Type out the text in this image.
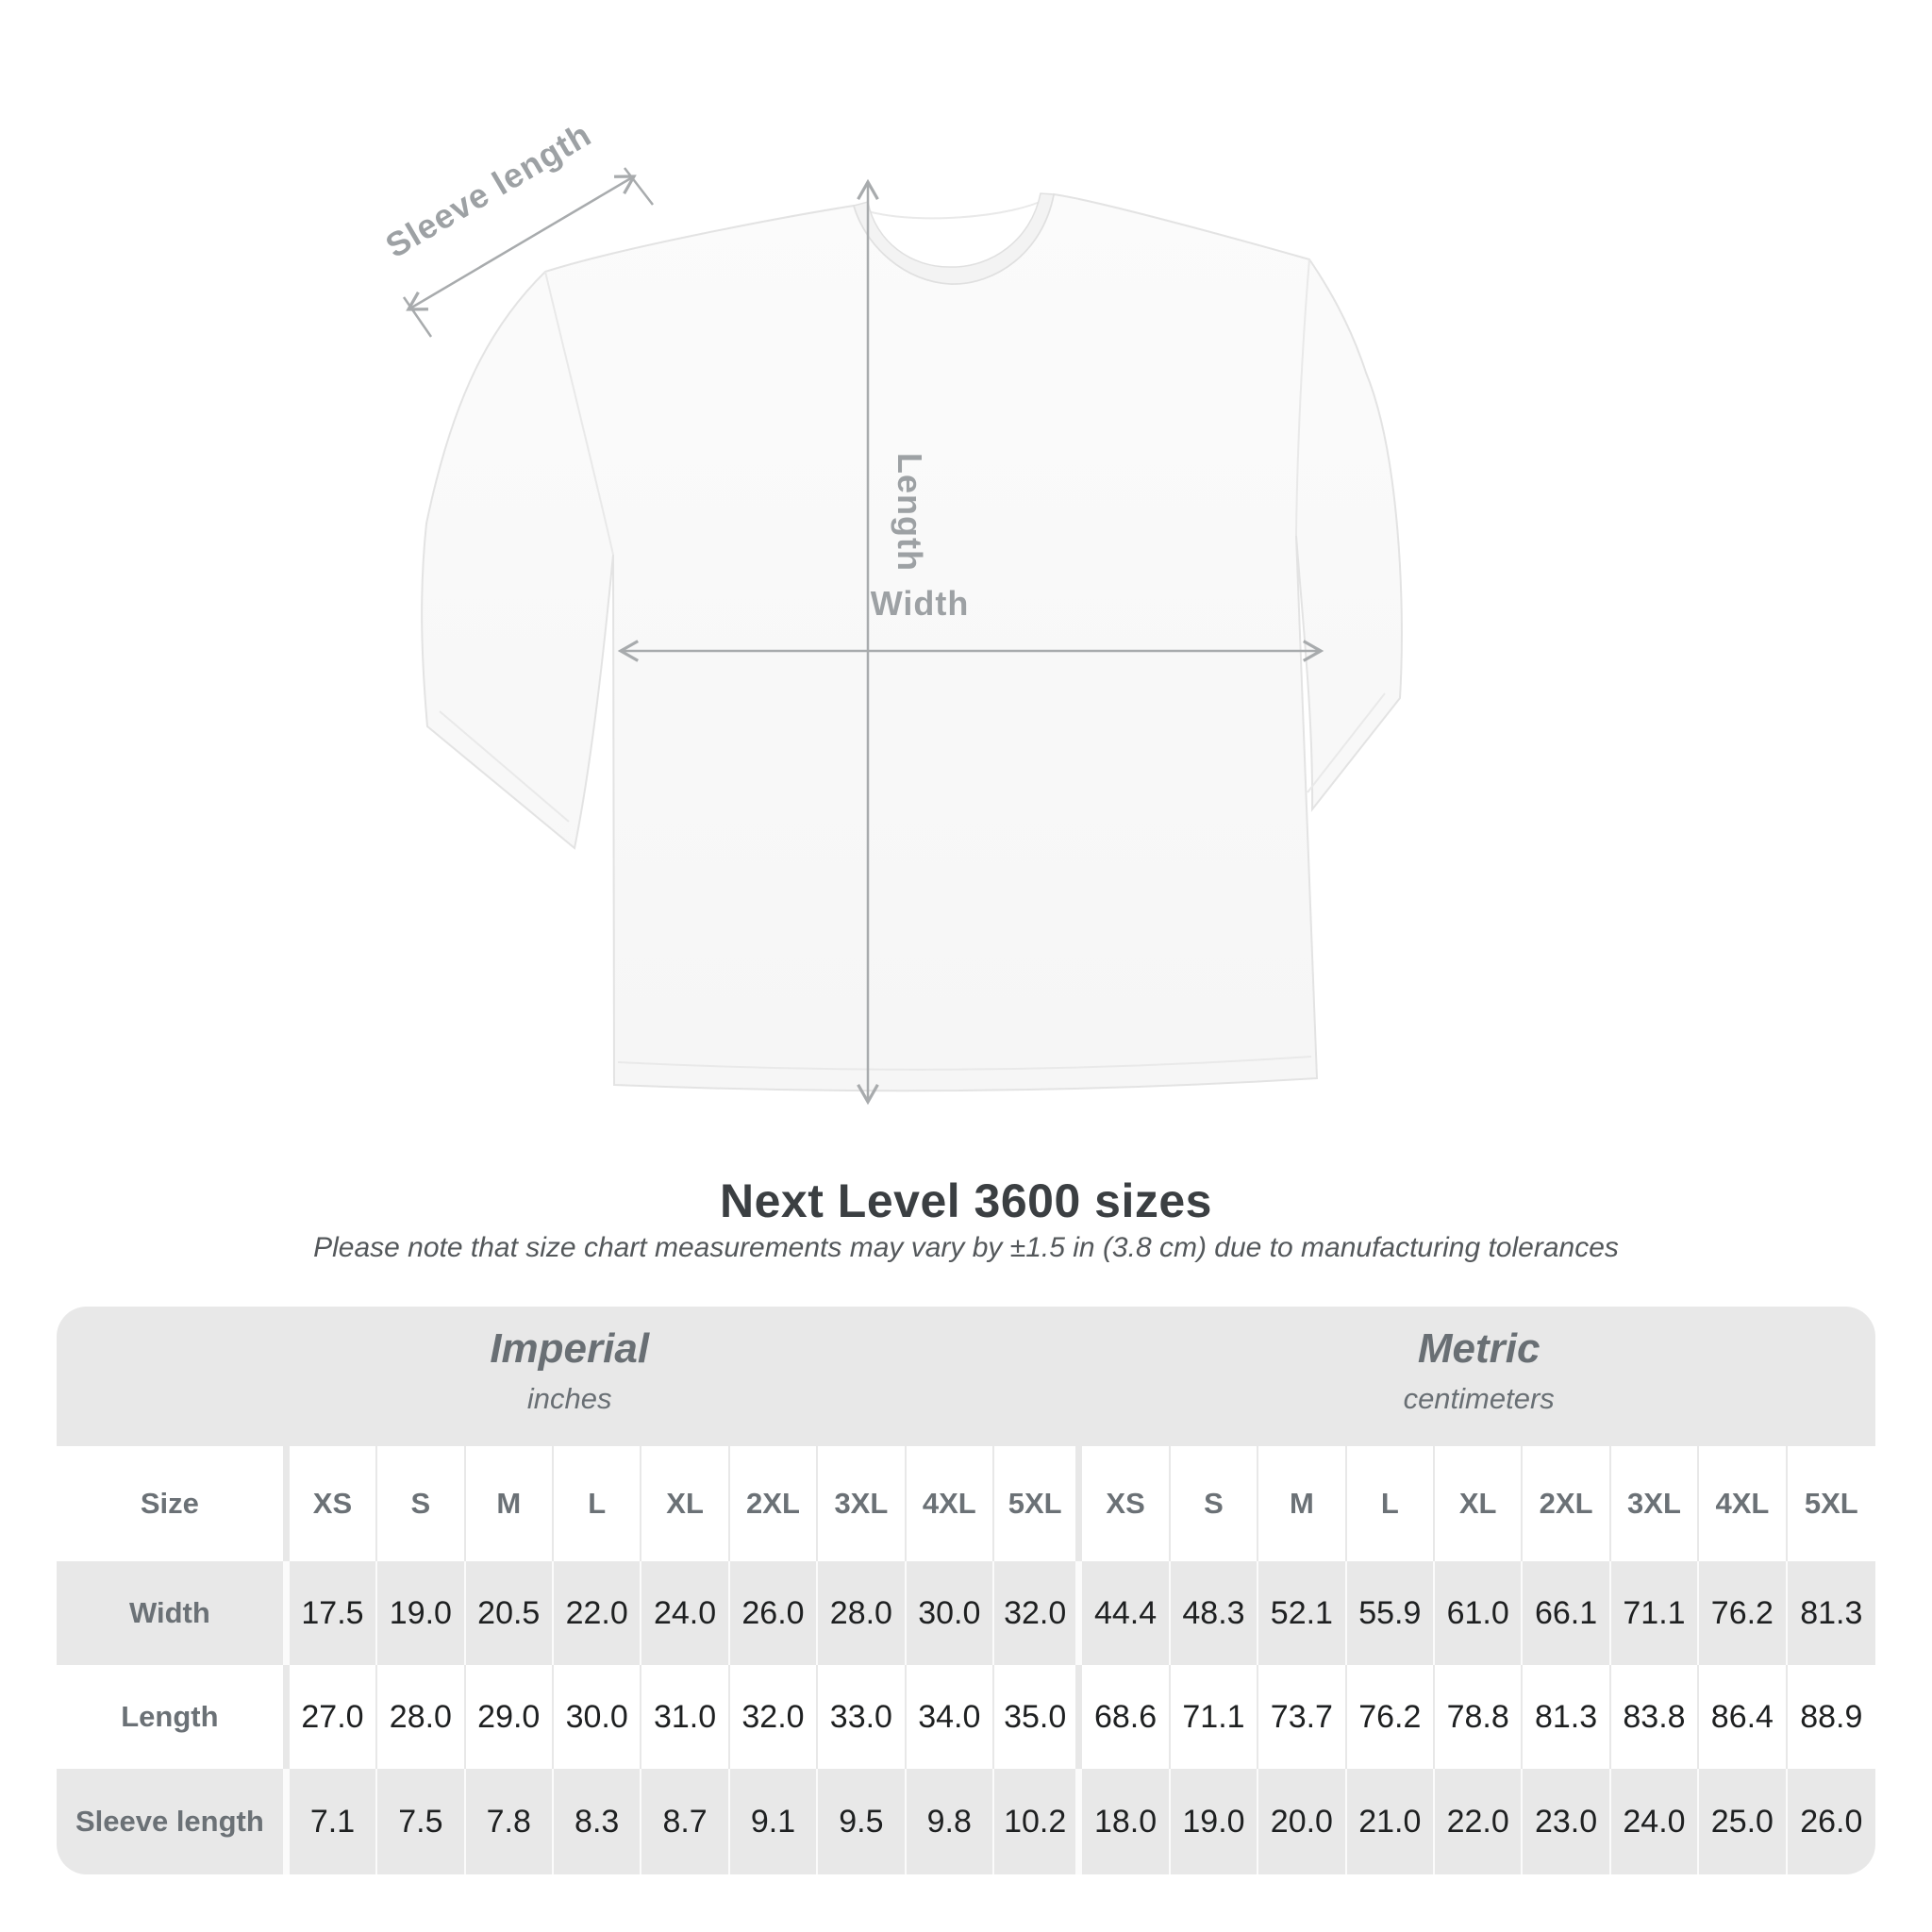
Sleeve length
Length
Width
Next Level 3600 sizes
Please note that size chart measurements may vary by ±1.5 in (3.8 cm) due to manufacturing tolerances
Imperial
inches
Metric
centimeters
Size	XS	S	M	L	XL	2XL	3XL	4XL	5XL	XS	S	M	L	XL	2XL	3XL	4XL	5XL
Width	17.5 19.0 20.5 22.0 24.0 26.0 28.0 30.0 32.0 44.4 48.3 52.1 55.9 61.0 66.1 71.1 76.2 81.3
Length	27.0 28.0 29.0 30.0 31.0 32.0 33.0 34.0 35.0 68.6 71.1 73.7 76.2 78.8 81.3 83.8 86.4 88.9
Sleeve length	7.1	7.5	7.8	8.3	8.7	9.1	9.5	9.8	10.2 18.0 19.0 20.0 21.0 22.0 23.0 24.0 25.0 26.0
